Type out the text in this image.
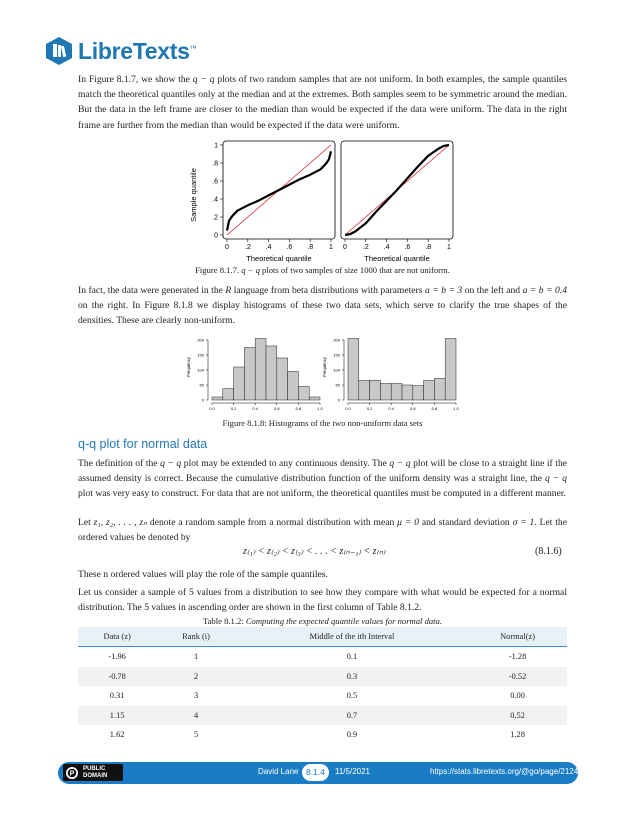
LibreTexts™

In Figure 8.1.7, we show the q − q plots of two random samples that are not uniform. In both examples, the sample quantiles match the theoretical quantiles only at the median and at the extremes. Both samples seem to be symmetric around the median. But the data in the left frame are closer to the median than would be expected if the data were uniform. The data in the right frame are further from the median than would be expected if the data were uniform.

Sample quantile
0 .2 .4 .6 .8 1
0
.2
.4
.6
.8
1
0 .2 .4 .6 .8 1
Theoretical quantile	Theoretical quantile
Figure 8.1.7. q − q plots of two samples of size 1000 that are not uniform.

In fact, the data were generated in the R language from beta distributions with parameters a = b = 3 on the left and a = b = 0.4 on the right. In Figure 8.1.8 we display histograms of these two data sets, which serve to clarify the true shapes of the densities. These are clearly non-uniform.

0
50
100
150
200
Frequency
0.0	0.2	0.4	0.6	0.8	1.0
0
50
100
150
200
Frequency
0.0	0.2	0.4	0.6	0.8	1.0
Figure 8.1.8: Histograms of the two non-uniform data sets
q-q plot for normal data

The definition of the q − q plot may be extended to any continuous density. The q − q plot will be close to a straight line if the assumed density is correct. Because the cumulative distribution function of the uniform density was a straight line, the q − q plot was very easy to construct. For data that are not uniform, the theoretical quantiles must be computed in a different manner.

Let z₁, z₂, . . . , zₙ denote a random sample from a normal distribution with mean μ = 0 and standard deviation σ = 1. Let the ordered values be denoted by

z₍₁₎ < z₍₂₎ < z₍₃₎ < . . . < z₍ₙ₋₁₎ < z₍ₙ₎	(8.1.6)

These n ordered values will play the role of the sample quantiles.

Let us consider a sample of 5 values from a distribution to see how they compare with what would be expected for a normal distribution. The 5 values in ascending order are shown in the first column of Table 8.1.2.

Table 8.1.2: Computing the expected quantile values for normal data.
Data (z)	Rank (i)	Middle of the ith Interval	Normal(z)
-1.96	1	0.1	-1.28
-0.78	2	0.3	-0.52
0.31	3	0.5	0.00
1.15	4	0.7	0.52
1.62	5	0.9	1.28
P
PUBLIC
DOMAIN	David Lane 8.1.4	11/5/2021	https://stats.libretexts.org/@go/page/2124
